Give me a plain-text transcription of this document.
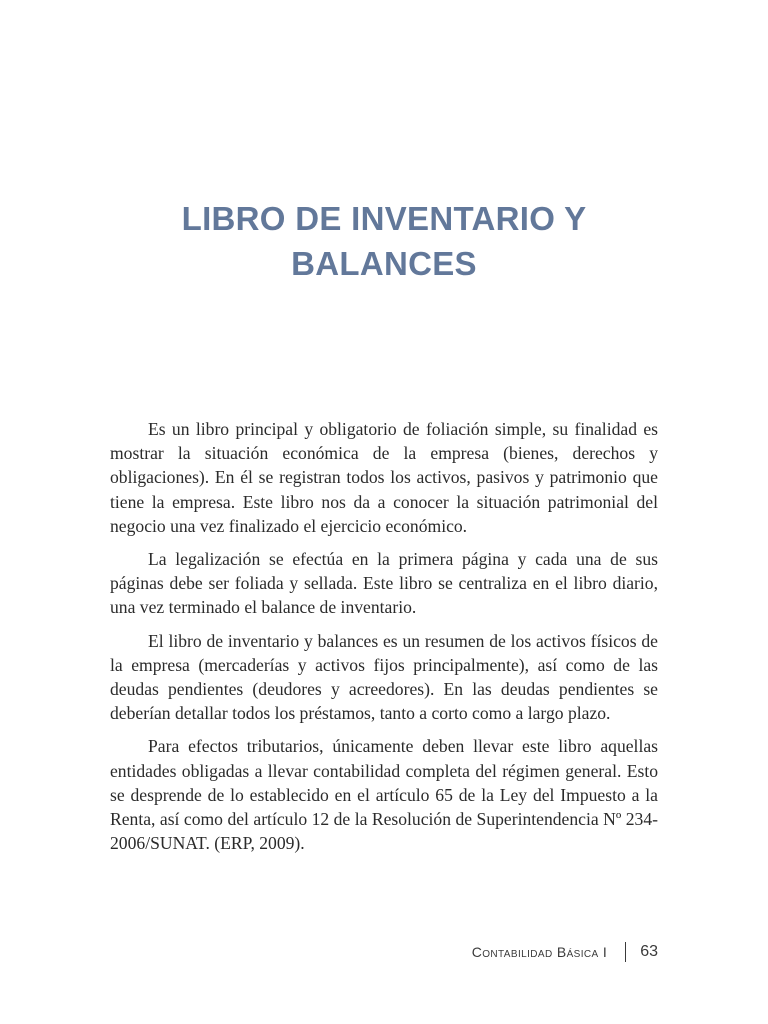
LIBRO DE INVENTARIO Y
BALANCES

Es un libro principal y obligatorio de foliación simple, su finalidad es mostrar la situación económica de la empresa (bienes, derechos y obligaciones). En él se registran todos los activos, pasivos y patrimonio que tiene la empresa. Este libro nos da a conocer la situación patrimonial del negocio una vez finalizado el ejercicio económico.

La legalización se efectúa en la primera página y cada una de sus páginas debe ser foliada y sellada. Este libro se centraliza en el libro diario, una vez terminado el balance de inventario.

El libro de inventario y balances es un resumen de los activos físicos de la empresa (mercaderías y activos fijos principalmente), así como de las deudas pendientes (deudores y acreedores). En las deudas pendientes se deberían detallar todos los préstamos, tanto a corto como a largo plazo.

Para efectos tributarios, únicamente deben llevar este libro aquellas entidades obligadas a llevar contabilidad completa del régimen general. Esto se desprende de lo establecido en el artículo 65 de la Ley del Impuesto a la Renta, así como del artículo 12 de la Resolución de Superintendencia Nº 234-2006/SUNAT. (ERP, 2009).

Contabilidad Básica I 63
